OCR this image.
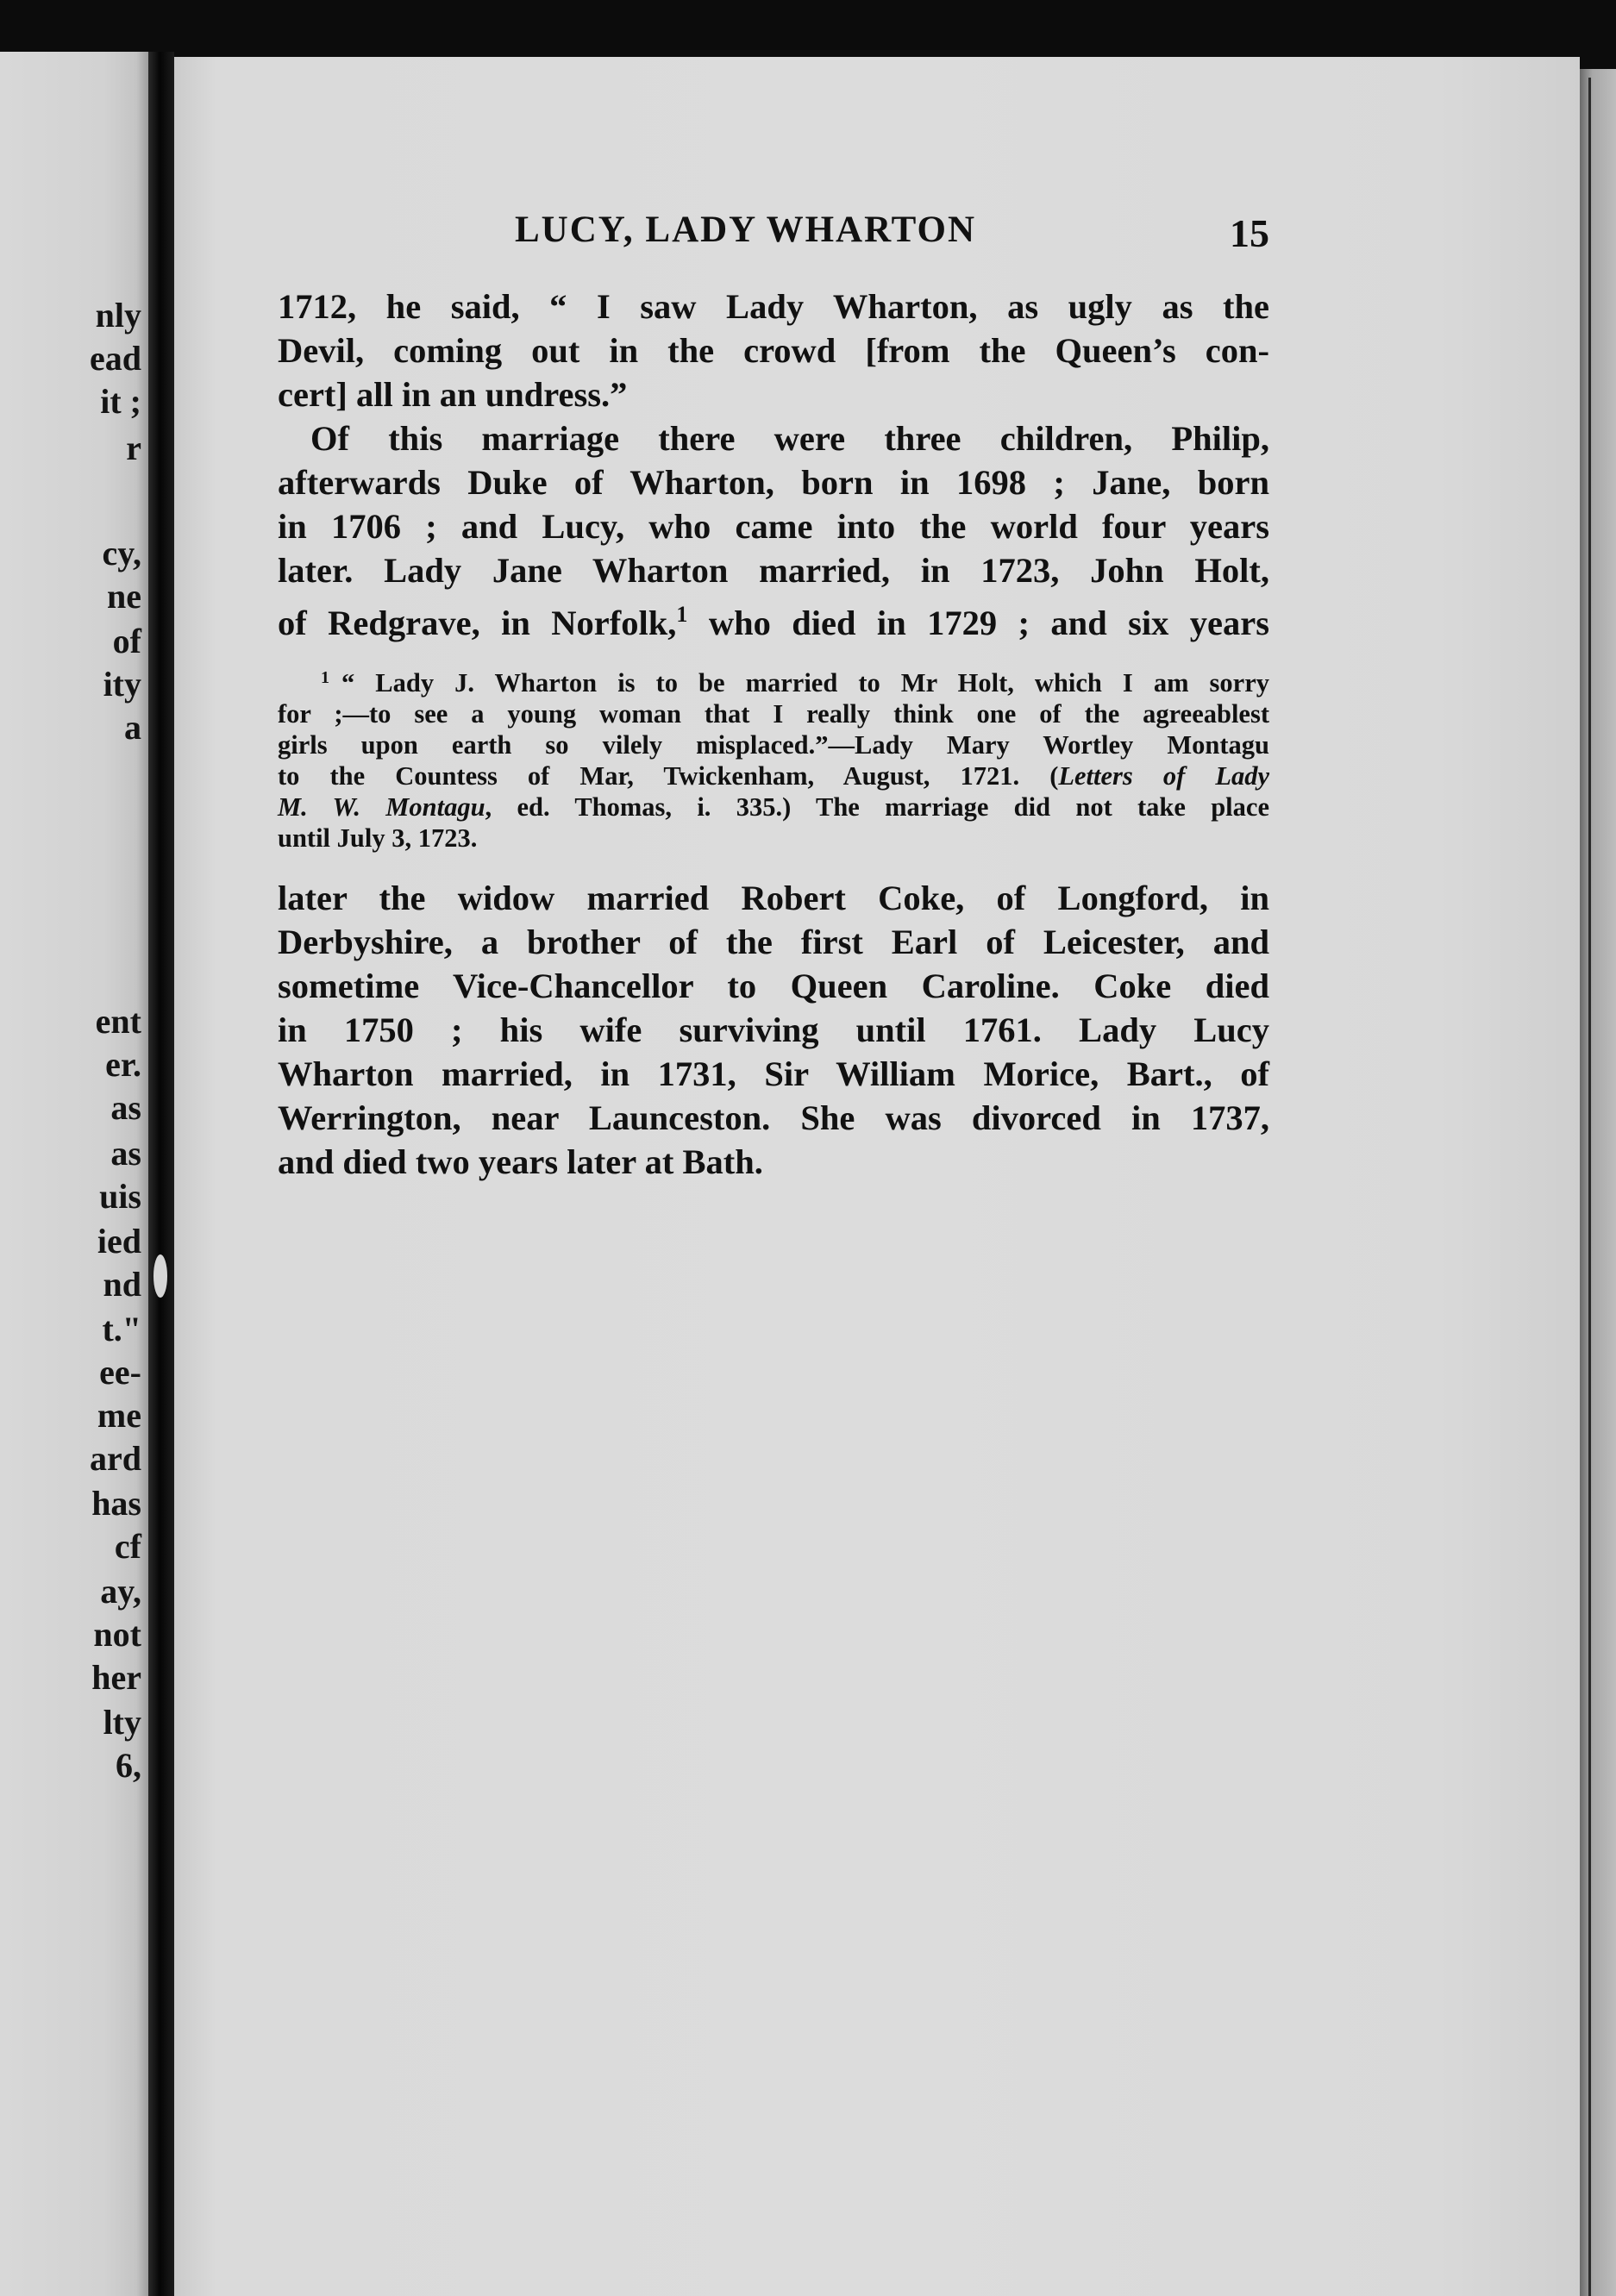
nly
ead
it ;
r
cy,
ne
of
ity
a
ent
er.
as
as
uis
ied
nd
t."
ee-
me
ard
has
cf
ay,
not
her
lty
6,
LUCY, LADY WHARTON	15
1712, he said, “ I saw Lady Wharton, as ugly as the
Devil, coming out in the crowd [from the Queen’s con-
cert] all in an undress.”
Of this marriage there were three children, Philip,
afterwards Duke of Wharton, born in 1698 ; Jane, born
in 1706 ; and Lucy, who came into the world four years
later. Lady Jane Wharton married, in 1723, John Holt,
of Redgrave, in Norfolk,$^1$ who died in 1729 ; and six years
$^1$ “ Lady J. Wharton is to be married to Mr Holt, which I am sorry
for ;—to see a young woman that I really think one of the agreeablest
girls upon earth so vilely misplaced.”—Lady Mary Wortley Montagu
to the Countess of Mar, Twickenham, August, 1721. (Letters of Lady
M. W. Montagu, ed. Thomas, i. 335.) The marriage did not take place
until July 3, 1723.
later the widow married Robert Coke, of Longford, in
Derbyshire, a brother of the first Earl of Leicester, and
sometime Vice-Chancellor to Queen Caroline. Coke died
in 1750 ; his wife surviving until 1761. Lady Lucy
Wharton married, in 1731, Sir William Morice, Bart., of
Werrington, near Launceston. She was divorced in 1737,
and died two years later at Bath.
